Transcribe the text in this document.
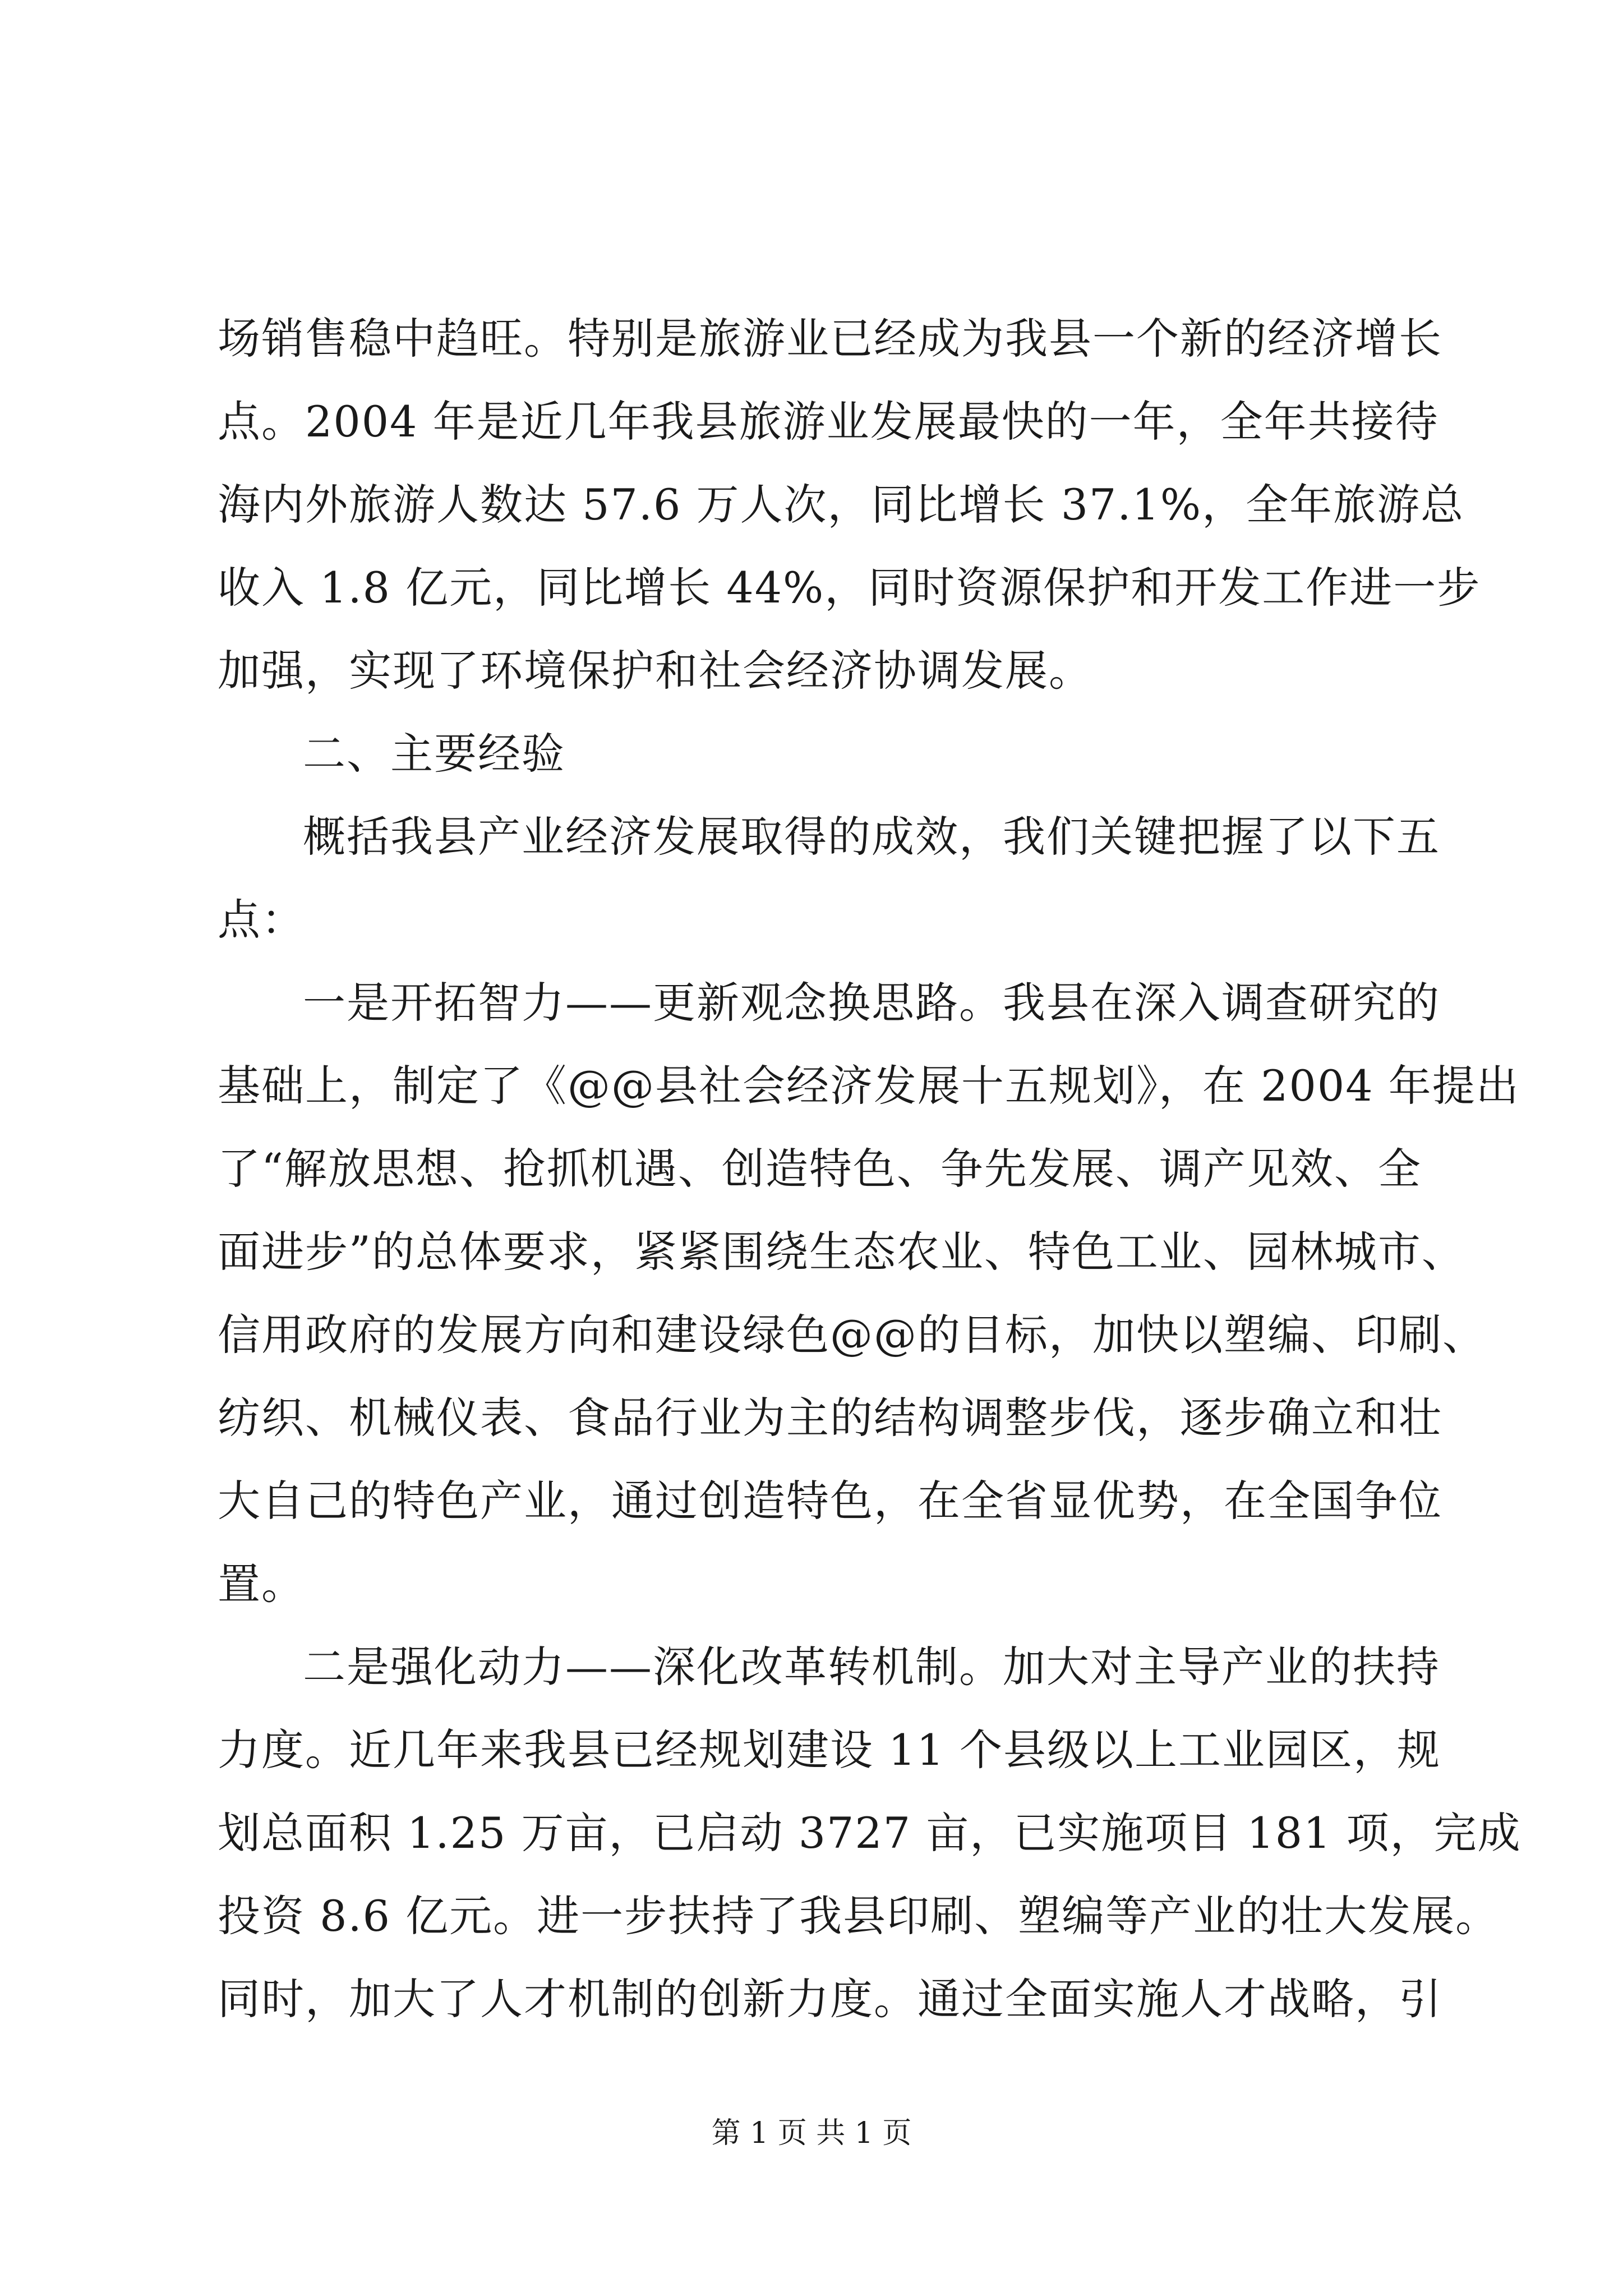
场销售稳中趋旺。特别是旅游业已经成为我县一个新的经济增长
点。2004 年是近几年我县旅游业发展最快的一年，全年共接待
海内外旅游人数达 57.6 万人次，同比增长 37.1%，全年旅游总
收入 1.8 亿元，同比增长 44%，同时资源保护和开发工作进一步
加强，实现了环境保护和社会经济协调发展。
二、主要经验
概括我县产业经济发展取得的成效，我们关键把握了以下五
点：
一是开拓智力——更新观念换思路。我县在深入调查研究的
基础上，制定了《@@县社会经济发展十五规划》，在 2004 年提出
了“解放思想、抢抓机遇、创造特色、争先发展、调产见效、全
面进步”的总体要求，紧紧围绕生态农业、特色工业、园林城市、
信用政府的发展方向和建设绿色@@的目标，加快以塑编、印刷、
纺织、机械仪表、食品行业为主的结构调整步伐，逐步确立和壮
大自己的特色产业，通过创造特色，在全省显优势，在全国争位
置。
二是强化动力——深化改革转机制。加大对主导产业的扶持
力度。近几年来我县已经规划建设 11 个县级以上工业园区，规
划总面积 1.25 万亩，已启动 3727 亩，已实施项目 181 项，完成
投资 8.6 亿元。进一步扶持了我县印刷、塑编等产业的壮大发展。
同时，加大了人才机制的创新力度。通过全面实施人才战略，引
第 1 页 共 1 页
